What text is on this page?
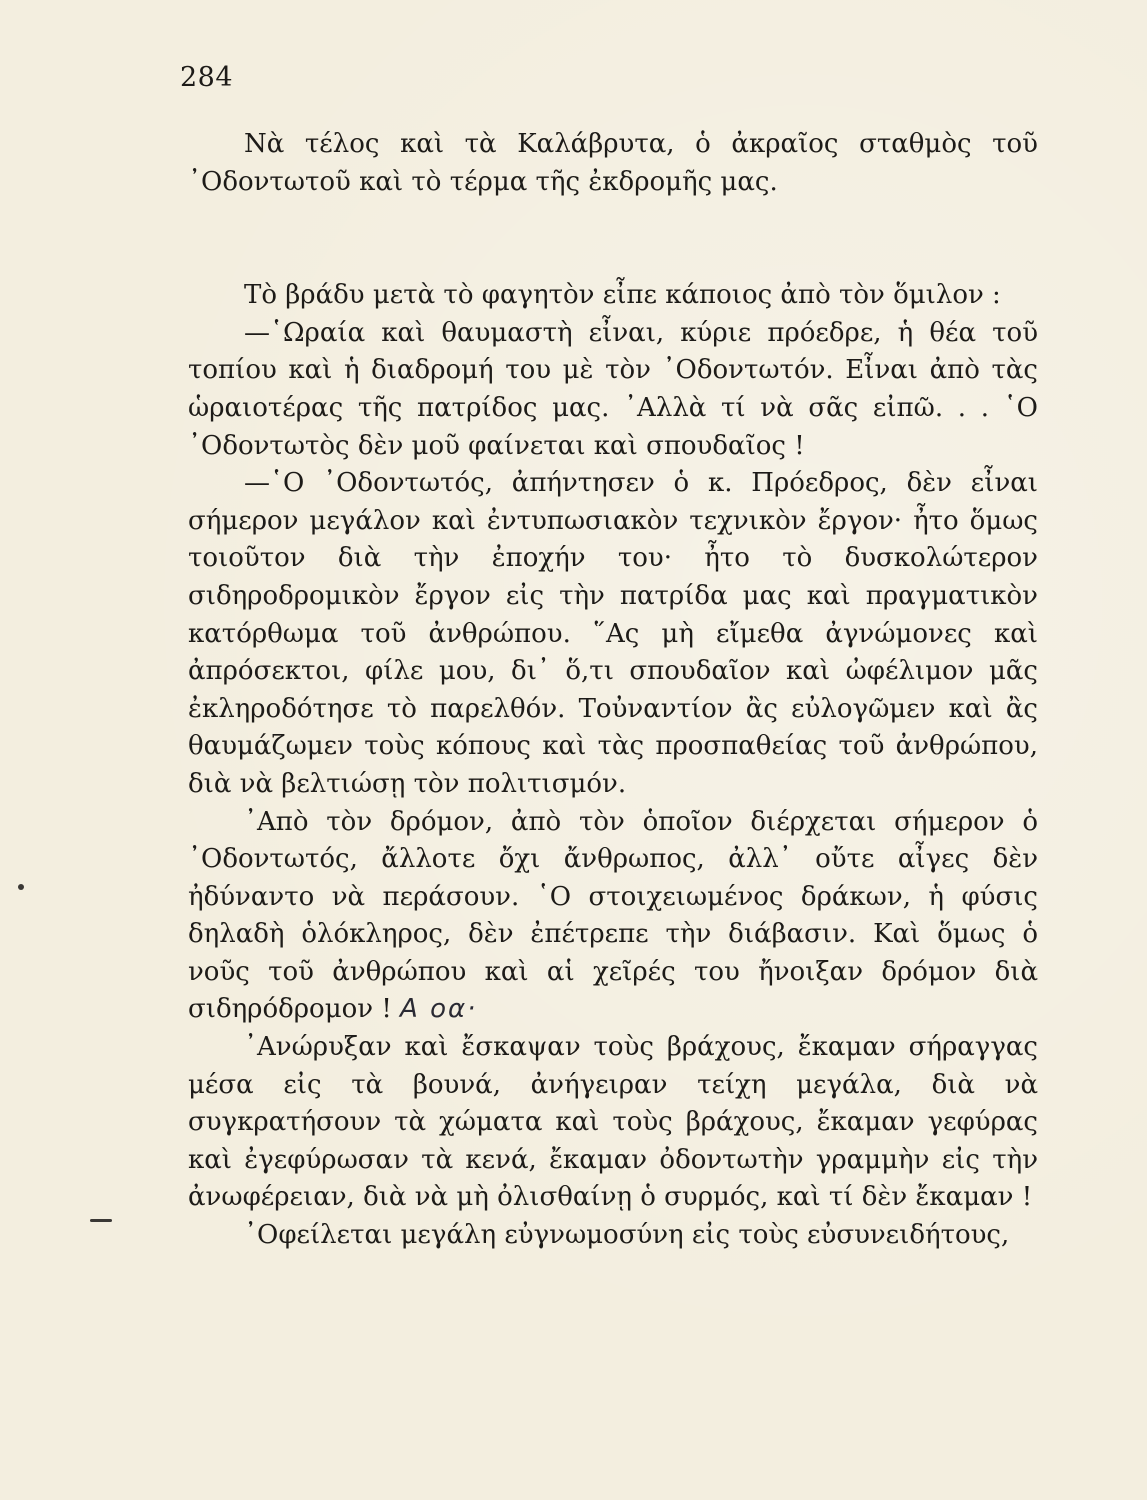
284

Νὰ τέλος καὶ τὰ Καλάβρυτα, ὁ ἀκραῖος σταθμὸς τοῦ ᾽Οδοντωτοῦ καὶ τὸ τέρμα τῆς ἐκδρομῆς μας.

Τὸ βράδυ μετὰ τὸ φαγητὸν εἶπε κάποιος ἀπὸ τὸν ὅμιλον :

—῾Ωραία καὶ θαυμαστὴ εἶναι, κύριε πρόεδρε, ἡ θέα τοῦ τοπίου καὶ ἡ διαδρομή του μὲ τὸν ᾽Οδοντωτόν. Εἶναι ἀπὸ τὰς ὡραιοτέρας τῆς πατρίδος μας. ᾽Αλλὰ τί νὰ σᾶς εἰπῶ. . . ῾Ο ᾽Οδοντωτὸς δὲν μοῦ φαίνεται καὶ σπουδαῖος !

—῾Ο ᾽Οδοντωτός, ἀπήντησεν ὁ κ. Πρόεδρος, δὲν εἶναι σήμερον μεγάλον καὶ ἐντυπωσιακὸν τεχνικὸν ἔργον· ἦτο ὅμως τοιοῦτον διὰ τὴν ἐποχήν του· ἦτο τὸ δυσκολώτερον σιδηροδρομικὸν ἔργον εἰς τὴν πατρίδα μας καὶ πραγματικὸν κατόρθωμα τοῦ ἀνθρώπου. ῞Ας μὴ εἴμεθα ἀγνώμονες καὶ ἀπρόσεκτοι, φίλε μου, δι᾽ ὅ,τι σπουδαῖον καὶ ὠφέλιμον μᾶς ἐκληροδότησε τὸ παρελθόν. Τοὐναντίον ἂς εὐλογῶμεν καὶ ἂς θαυμάζωμεν τοὺς κόπους καὶ τὰς προσπαθείας τοῦ ἀνθρώπου, διὰ νὰ βελτιώσῃ τὸν πολιτισμόν.

᾽Απὸ τὸν δρόμον, ἀπὸ τὸν ὁποῖον διέρχεται σήμερον ὁ ᾽Οδοντωτός, ἄλλοτε ὄχι ἄνθρωπος, ἀλλ᾽ οὔτε αἶγες δὲν ἠδύναντο νὰ περάσουν. ῾Ο στοιχειωμένος δράκων, ἡ φύσις δηλαδὴ ὁλόκληρος, δὲν ἐπέτρεπε τὴν διάβασιν. Καὶ ὅμως ὁ νοῦς τοῦ ἀνθρώπου καὶ αἱ χεῖρές του ἤνοιξαν δρόμον διὰ σιδηρόδρομον ! Α οα·

᾽Ανώρυξαν καὶ ἔσκαψαν τοὺς βράχους, ἔκαμαν σήραγγας μέσα εἰς τὰ βουνά, ἀνήγειραν τείχη μεγάλα, διὰ νὰ συγκρατήσουν τὰ χώματα καὶ τοὺς βράχους, ἔκαμαν γεφύρας καὶ ἐγεφύρωσαν τὰ κενά, ἔκαμαν ὀδοντωτὴν γραμμὴν εἰς τὴν ἀνωφέρειαν, διὰ νὰ μὴ ὀλισθαίνῃ ὁ συρμός, καὶ τί δὲν ἔκαμαν !

᾽Οφείλεται μεγάλη εὐγνωμοσύνη εἰς τοὺς εὐσυνειδήτους,
